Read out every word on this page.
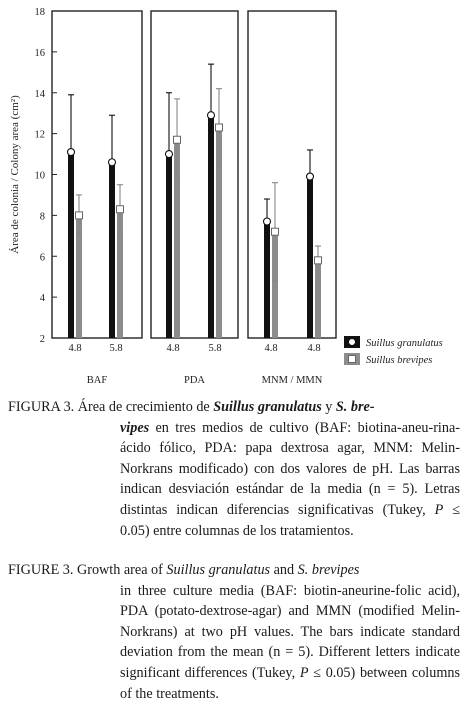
2
4
6
8
10
12
14
16
18
Área de colonia / Colony area (cm²)
BAF
4.8	5.8
PDA
4.8	5.8
MNM / MMN
4.8	4.8	Suillus granulatus
Suillus brevipes
FIGURA 3. Área de crecimiento de Suillus granulatus y S. bre-
vipes en tres medios de cultivo (BAF: biotina-aneu-rina-ácido fólico, PDA: papa dextrosa agar, MNM: Melin-Norkrans modificado) con dos valores de pH. Las barras indican desviación estándar de la media (n = 5). Letras distintas indican diferencias significativas (Tukey, P ≤ 0.05) entre columnas de los tratamientos.
FIGURE 3. Growth area of Suillus granulatus and S. brevipes
in three culture media (BAF: biotin-aneurine-folic acid), PDA (potato-dextrose-agar) and MMN (modified Melin-Norkrans) at two pH values. The bars indicate standard deviation from the mean (n = 5). Different letters indicate significant differences (Tukey, P ≤ 0.05) between columns of the treatments.
